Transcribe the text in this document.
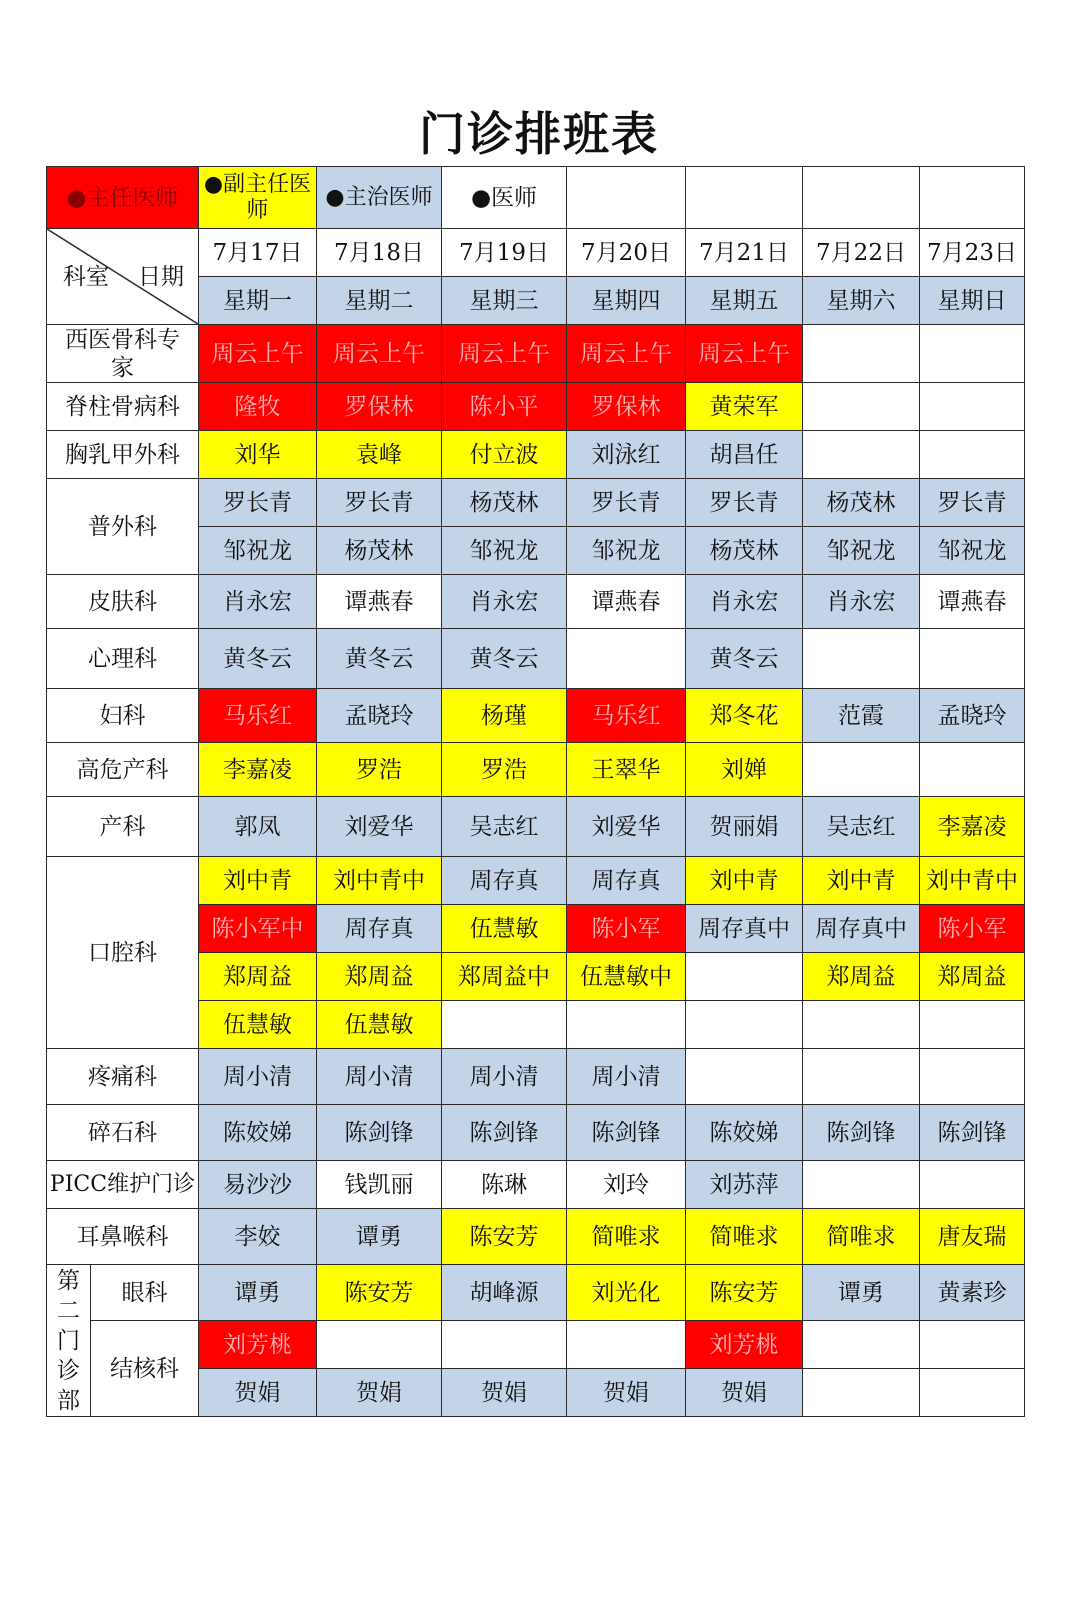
门诊排班表
●主任医师		●副主任医师	●主治医师	●医师				

科室 日期		7月17日	7月18日	7月19日	7月20日	7月21日	7月22日	7月23日
		星期一	星期二	星期三	星期四	星期五	星期六	星期日
西医骨科专家		周云上午	周云上午	周云上午	周云上午	周云上午		
脊柱骨病科		隆牧	罗保林	陈小平	罗保林	黄荣军		
胸乳甲外科		刘华	袁峰	付立波	刘泳红	胡昌任		
普外科		罗长青	罗长青	杨茂林	罗长青	罗长青	杨茂林	罗长青
		邹祝龙	杨茂林	邹祝龙	邹祝龙	杨茂林	邹祝龙	邹祝龙
皮肤科		肖永宏	谭燕春	肖永宏	谭燕春	肖永宏	肖永宏	谭燕春
心理科		黄冬云	黄冬云	黄冬云		黄冬云		
妇科		马乐红	孟晓玲	杨瑾	马乐红	郑冬花	范霞	孟晓玲
高危产科		李嘉凌	罗浩	罗浩	王翠华	刘婵		
产科		郭凤	刘爱华	吴志红	刘爱华	贺丽娟	吴志红	李嘉凌
口腔科		刘中青	刘中青中	周存真	周存真	刘中青	刘中青	刘中青中
		陈小军中	周存真	伍慧敏	陈小军	周存真中	周存真中	陈小军
		郑周益	郑周益	郑周益中	伍慧敏中		郑周益	郑周益
		伍慧敏	伍慧敏					
疼痛科		周小清	周小清	周小清	周小清			
碎石科		陈姣娣	陈剑锋	陈剑锋	陈剑锋	陈姣娣	陈剑锋	陈剑锋
PICC维护门诊		易沙沙	钱凯丽	陈琳	刘玲	刘苏萍		
耳鼻喉科		李姣	谭勇	陈安芳	简唯求	简唯求	简唯求	唐友瑞
第二门诊部	眼科	谭勇	陈安芳	胡峰源	刘光化	陈安芳	谭勇	黄素珍
	结核科	刘芳桃				刘芳桃		
		贺娟	贺娟	贺娟	贺娟	贺娟		
